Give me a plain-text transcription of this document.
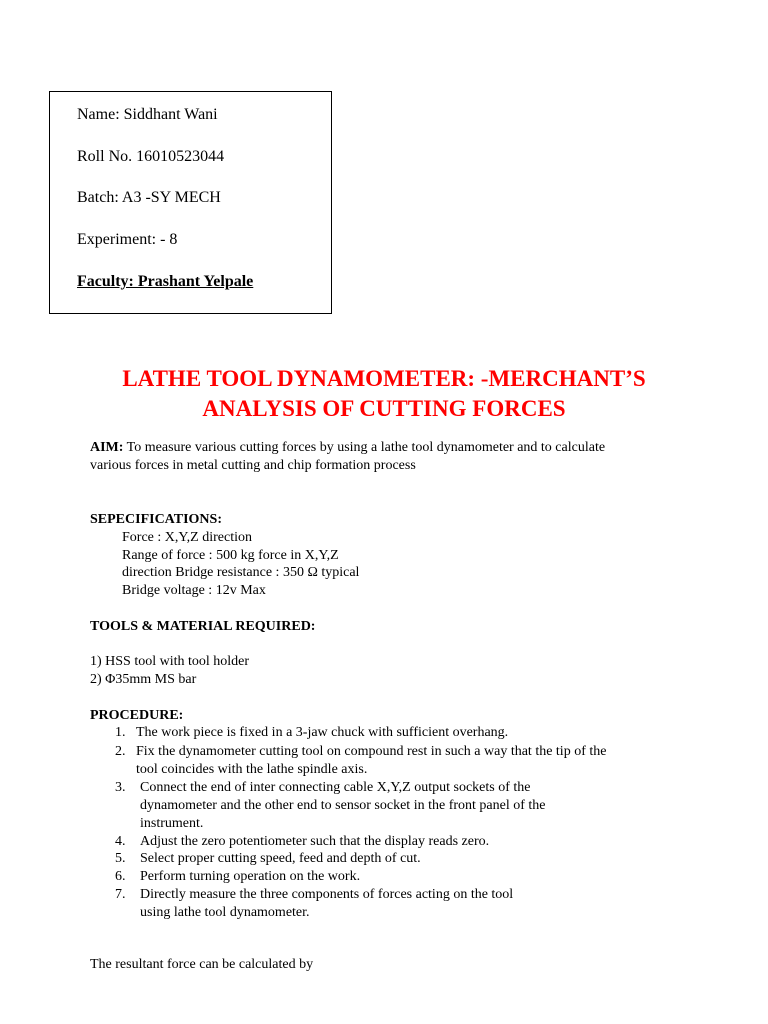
Name: Siddhant Wani
Roll No. 16010523044
Batch: A3 -SY MECH
Experiment: - 8
Faculty: Prashant Yelpale
LATHE TOOL DYNAMOMETER: -MERCHANT’S
ANALYSIS OF CUTTING FORCES
AIM: To measure various cutting forces by using a lathe tool dynamometer and to calculate
various forces in metal cutting and chip formation process
SEPECIFICATIONS:
Force : X,Y,Z direction
Range of force : 500 kg force in X,Y,Z
direction Bridge resistance : 350 Ω typical
Bridge voltage : 12v Max
TOOLS & MATERIAL REQUIRED:
1) HSS tool with tool holder
2) Φ35mm MS bar
PROCEDURE:
1. The work piece is fixed in a 3-jaw chuck with sufficient overhang.
2. Fix the dynamometer cutting tool on compound rest in such a way that the tip of the
tool coincides with the lathe spindle axis.
3. Connect the end of inter connecting cable X,Y,Z output sockets of the
dynamometer and the other end to sensor socket in the front panel of the
instrument.
4. Adjust the zero potentiometer such that the display reads zero.
5. Select proper cutting speed, feed and depth of cut.
6. Perform turning operation on the work.
7. Directly measure the three components of forces acting on the tool
using lathe tool dynamometer.
The resultant force can be calculated by
